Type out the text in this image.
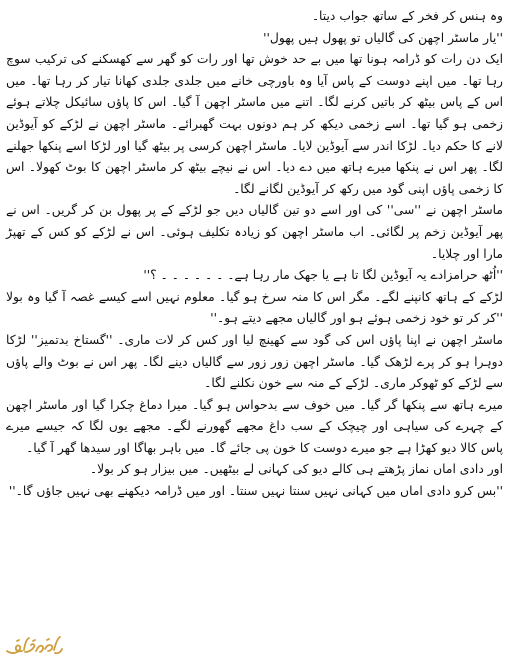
وہ ہنس کر فخر کے ساتھ جواب دیتا۔

''یار ماسٹر اچھن کی گالیاں تو پھول ہیں پھول''

ایک دن رات کو ڈرامہ ہونا تھا میں بے حد خوش تھا اور رات کو گھر سے کھسکنے کی ترکیب سوچ رہا تھا۔ میں اپنے دوست کے پاس آیا وہ باورچی خانے میں جلدی جلدی کھانا تیار کر رہا تھا۔ میں اس کے پاس بیٹھ کر باتیں کرنے لگا۔ اتنے میں ماسٹر اچھن آ گیا۔ اس کا پاؤں سائیکل چلاتے ہوئے زخمی ہو گیا تھا۔ اسے زخمی دیکھ کر ہم دونوں بہت گھبرائے۔ ماسٹر اچھن نے لڑکے کو آیوڈین لانے کا حکم دیا۔ لڑکا اندر سے آیوڈین لایا۔ ماسٹر اچھن کرسی پر بیٹھ گیا اور لڑکا اسے پنکھا جھلنے لگا۔ پھر اس نے پنکھا میرے ہاتھ میں دے دیا۔ اس نے نیچے بیٹھ کر ماسٹر اچھن کا بوٹ کھولا۔ اس کا زخمی پاؤں اپنی گود میں رکھ کر آیوڈین لگانے لگا۔

ماسٹر اچھن نے ''سی'' کی اور اسے دو تین گالیاں دیں جو لڑکے کے پر پھول بن کر گریں۔ اس نے پھر آیوڈین زخم پر لگائی۔ اب ماسٹر اچھن کو زیادہ تکلیف ہوئی۔ اس نے لڑکے کو کس کے تھپڑ مارا اور چلایا۔

''اُٹھ حرامزادے یہ آیوڈین لگا تا ہے یا جھک مار رہا ہے۔ ۔ ۔ ۔ ۔ ۔ ۔ ؟''

لڑکے کے ہاتھ کانپنے لگے۔ مگر اس کا منہ سرخ ہو گیا۔ معلوم نہیں اسے کیسے غصہ آ گیا وہ بولا ''کر کر تو خود زخمی ہوئے ہو اور گالیاں مجھے دیتے ہو۔''

ماسٹر اچھن نے اپنا پاؤں اس کی گود سے کھینچ لیا اور کس کر لات ماری۔ ''گستاخ بدتمیز'' لڑکا دوہرا ہو کر پرے لڑھک گیا۔ ماسٹر اچھن زور زور سے گالیاں دینے لگا۔ پھر اس نے بوٹ والے پاؤں سے لڑکے کو ٹھوکر ماری۔ لڑکے کے منہ سے خون نکلنے لگا۔

میرے ہاتھ سے پنکھا گر گیا۔ میں خوف سے بدحواس ہو گیا۔ میرا دماغ چکرا گیا اور ماسٹر اچھن کے چہرے کی سیاہی اور چیچک کے سب داغ مجھے گھورنے لگے۔ مجھے یوں لگا کہ جیسے میرے پاس کالا دیو کھڑا ہے جو میرے دوست کا خون پی جائے گا۔ میں باہر بھاگا اور سیدھا گھر آ گیا۔

اور دادی اماں نماز پڑھتے ہی کالے دیو کی کہانی لے بیٹھیں۔ میں بیزار ہو کر بولا۔

''بس کرو دادی اماں میں کہانی نہیں سنتا نہیں سنتا۔ اور میں ڈرامہ دیکھنے بھی نہیں جاؤں گا۔''
